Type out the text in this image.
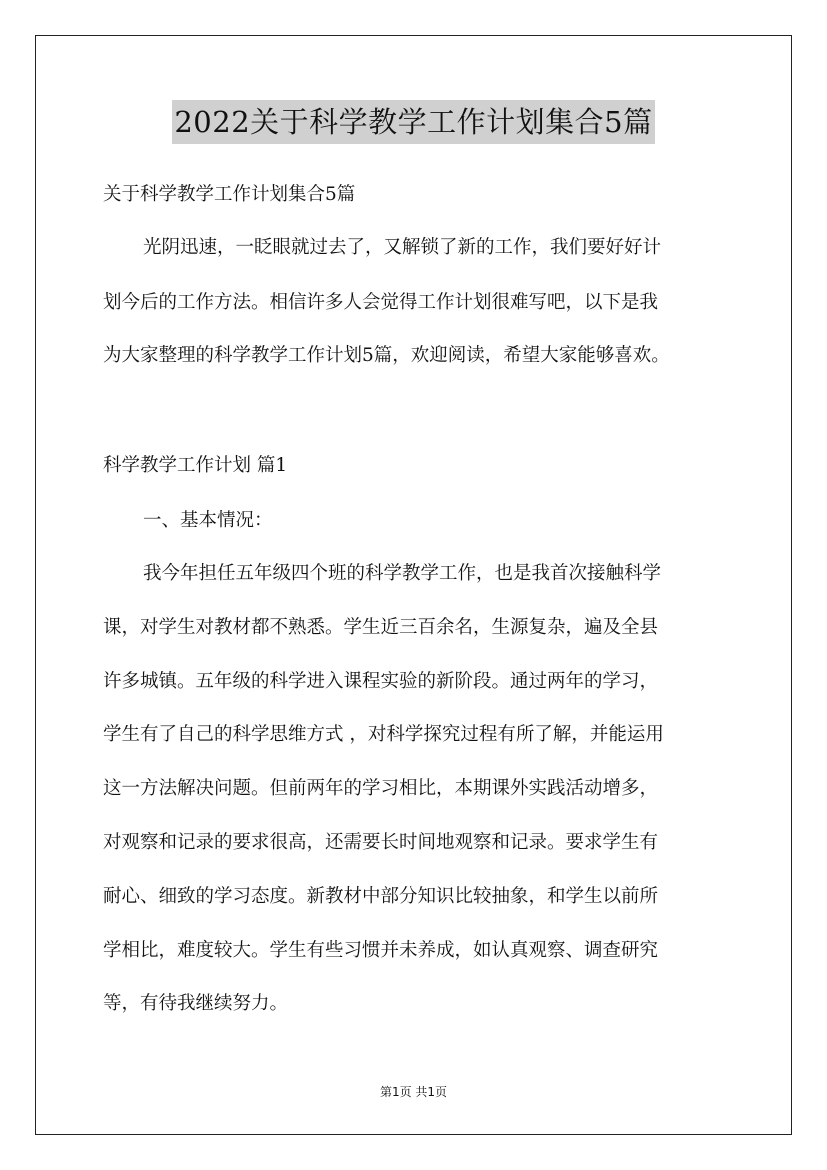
2022关于科学教学工作计划集合5篇
关于科学教学工作计划集合5篇
光阴迅速，一眨眼就过去了，又解锁了新的工作，我们要好好计
划今后的工作方法。相信许多人会觉得工作计划很难写吧，以下是我
为大家整理的科学教学工作计划5篇，欢迎阅读，希望大家能够喜欢。
科学教学工作计划 篇1
一、基本情况：
我今年担任五年级四个班的科学教学工作，也是我首次接触科学
课，对学生对教材都不熟悉。学生近三百余名，生源复杂，遍及全县
许多城镇。五年级的科学进入课程实验的新阶段。通过两年的学习，
学生有了自己的科学思维方式 ，对科学探究过程有所了解，并能运用
这一方法解决问题。但前两年的学习相比，本期课外实践活动增多，
对观察和记录的要求很高，还需要长时间地观察和记录。要求学生有
耐心、细致的学习态度。新教材中部分知识比较抽象，和学生以前所
学相比，难度较大。学生有些习惯并未养成，如认真观察、调查研究
等，有待我继续努力。
第1页 共1页
